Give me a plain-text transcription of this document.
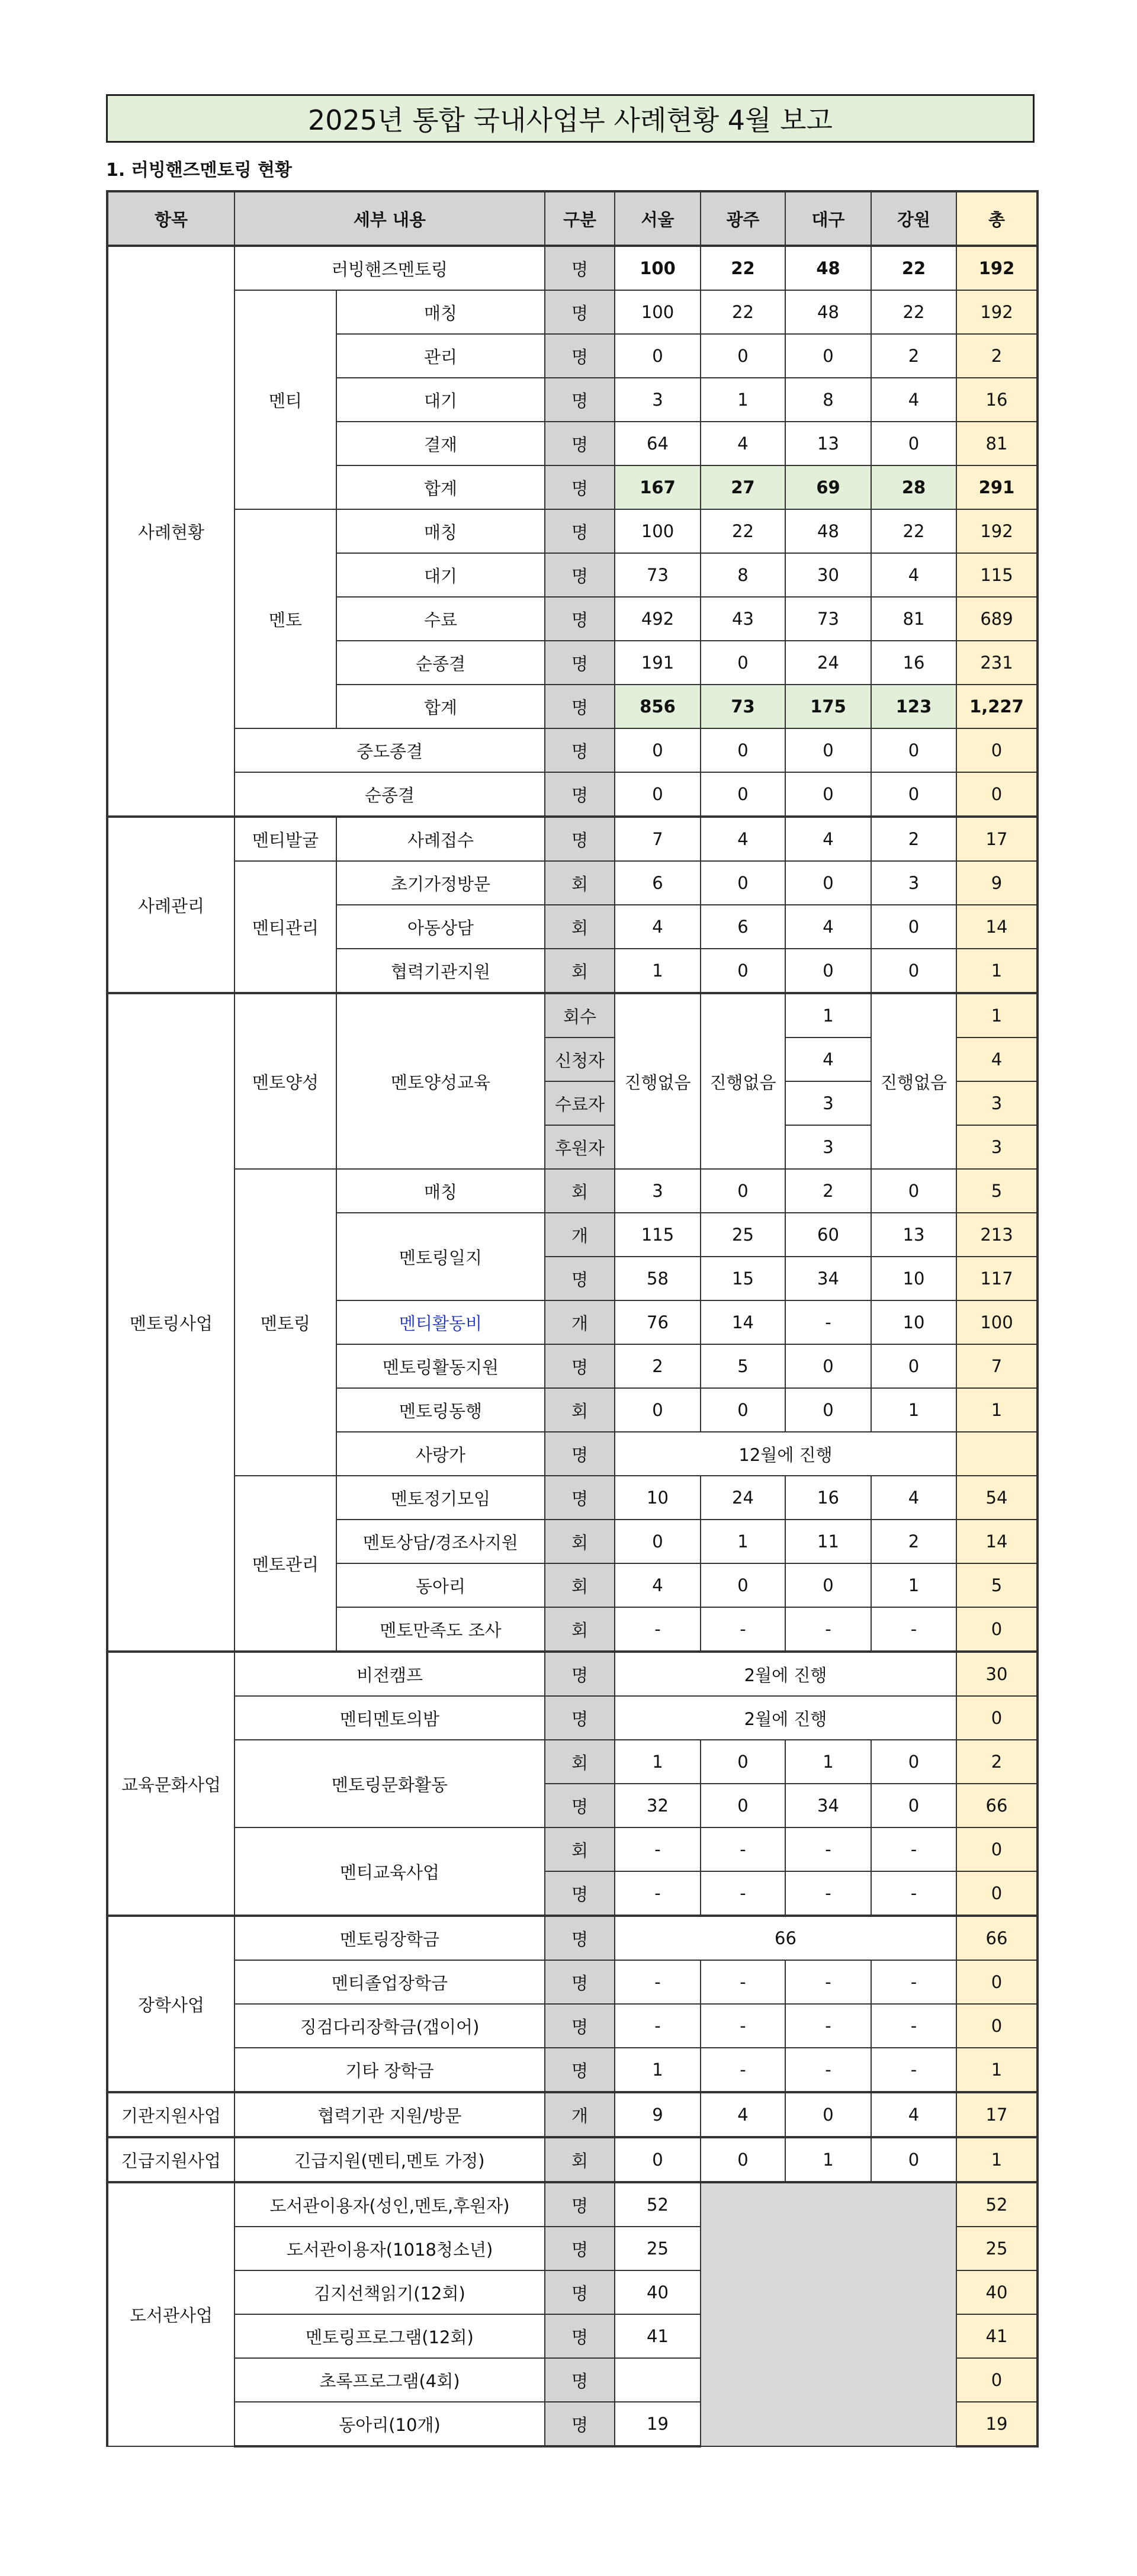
2025년 통합 국내사업부 사례현황 4월 보고
1. 러빙핸즈멘토링 현황
항목	세부 내용		구분	서울	광주	대구	강원	총
사례현황	러빙핸즈멘토링		명	100	22	48	22	192
	멘티	매칭	명	100	22	48	22	192
		관리	명	0	0	0	2	2
		대기	명	3	1	8	4	16
		결재	명	64	4	13	0	81
		합계	명	167	27	69	28	291
	멘토	매칭	명	100	22	48	22	192
		대기	명	73	8	30	4	115
		수료	명	492	43	73	81	689
		순종결	명	191	0	24	16	231
		합계	명	856	73	175	123	1,227
	중도종결		명	0	0	0	0	0
	순종결		명	0	0	0	0	0
사례관리	멘티발굴	사례접수	명	7	4	4	2	17
	멘티관리	초기가정방문	회	6	0	0	3	9
		아동상담	회	4	6	4	0	14
		협력기관지원	회	1	0	0	0	1
멘토링사업	멘토양성	멘토양성교육	회수	진행없음	진행없음	1	진행없음	1
			신청자			4		4
			수료자			3		3
			후원자			3		3
	멘토링	매칭	회	3	0	2	0	5
		멘토링일지	개	115	25	60	13	213
			명	58	15	34	10	117
		멘티활동비	개	76	14	-	10	100
		멘토링활동지원	명	2	5	0	0	7
		멘토링동행	회	0	0	0	1	1
		사랑가	명	12월에 진행				
	멘토관리	멘토정기모임	명	10	24	16	4	54
		멘토상담/경조사지원	회	0	1	11	2	14
		동아리	회	4	0	0	1	5
		멘토만족도 조사	회	-	-	-	-	0
교육문화사업	비전캠프		명	2월에 진행				30
	멘티멘토의밤		명	2월에 진행				0
	멘토링문화활동		회	1	0	1	0	2
			명	32	0	34	0	66
	멘티교육사업		회	-	-	-	-	0
			명	-	-	-	-	0
장학사업	멘토링장학금		명	66				66
	멘티졸업장학금		명	-	-	-	-	0
	징검다리장학금(갭이어)		명	-	-	-	-	0
	기타 장학금		명	1	-	-	-	1
기관지원사업	협력기관 지원/방문		개	9	4	0	4	17
긴급지원사업	긴급지원(멘티,멘토 가정)		회	0	0	1	0	1
도서관사업	도서관이용자(성인,멘토,후원자)		명	52				52
	도서관이용자(1018청소년)		명	25				25
	김지선책읽기(12회)		명	40				40
	멘토링프로그램(12회)		명	41				41
	초록프로그램(4회)		명					0
	동아리(10개)		명	19				19
